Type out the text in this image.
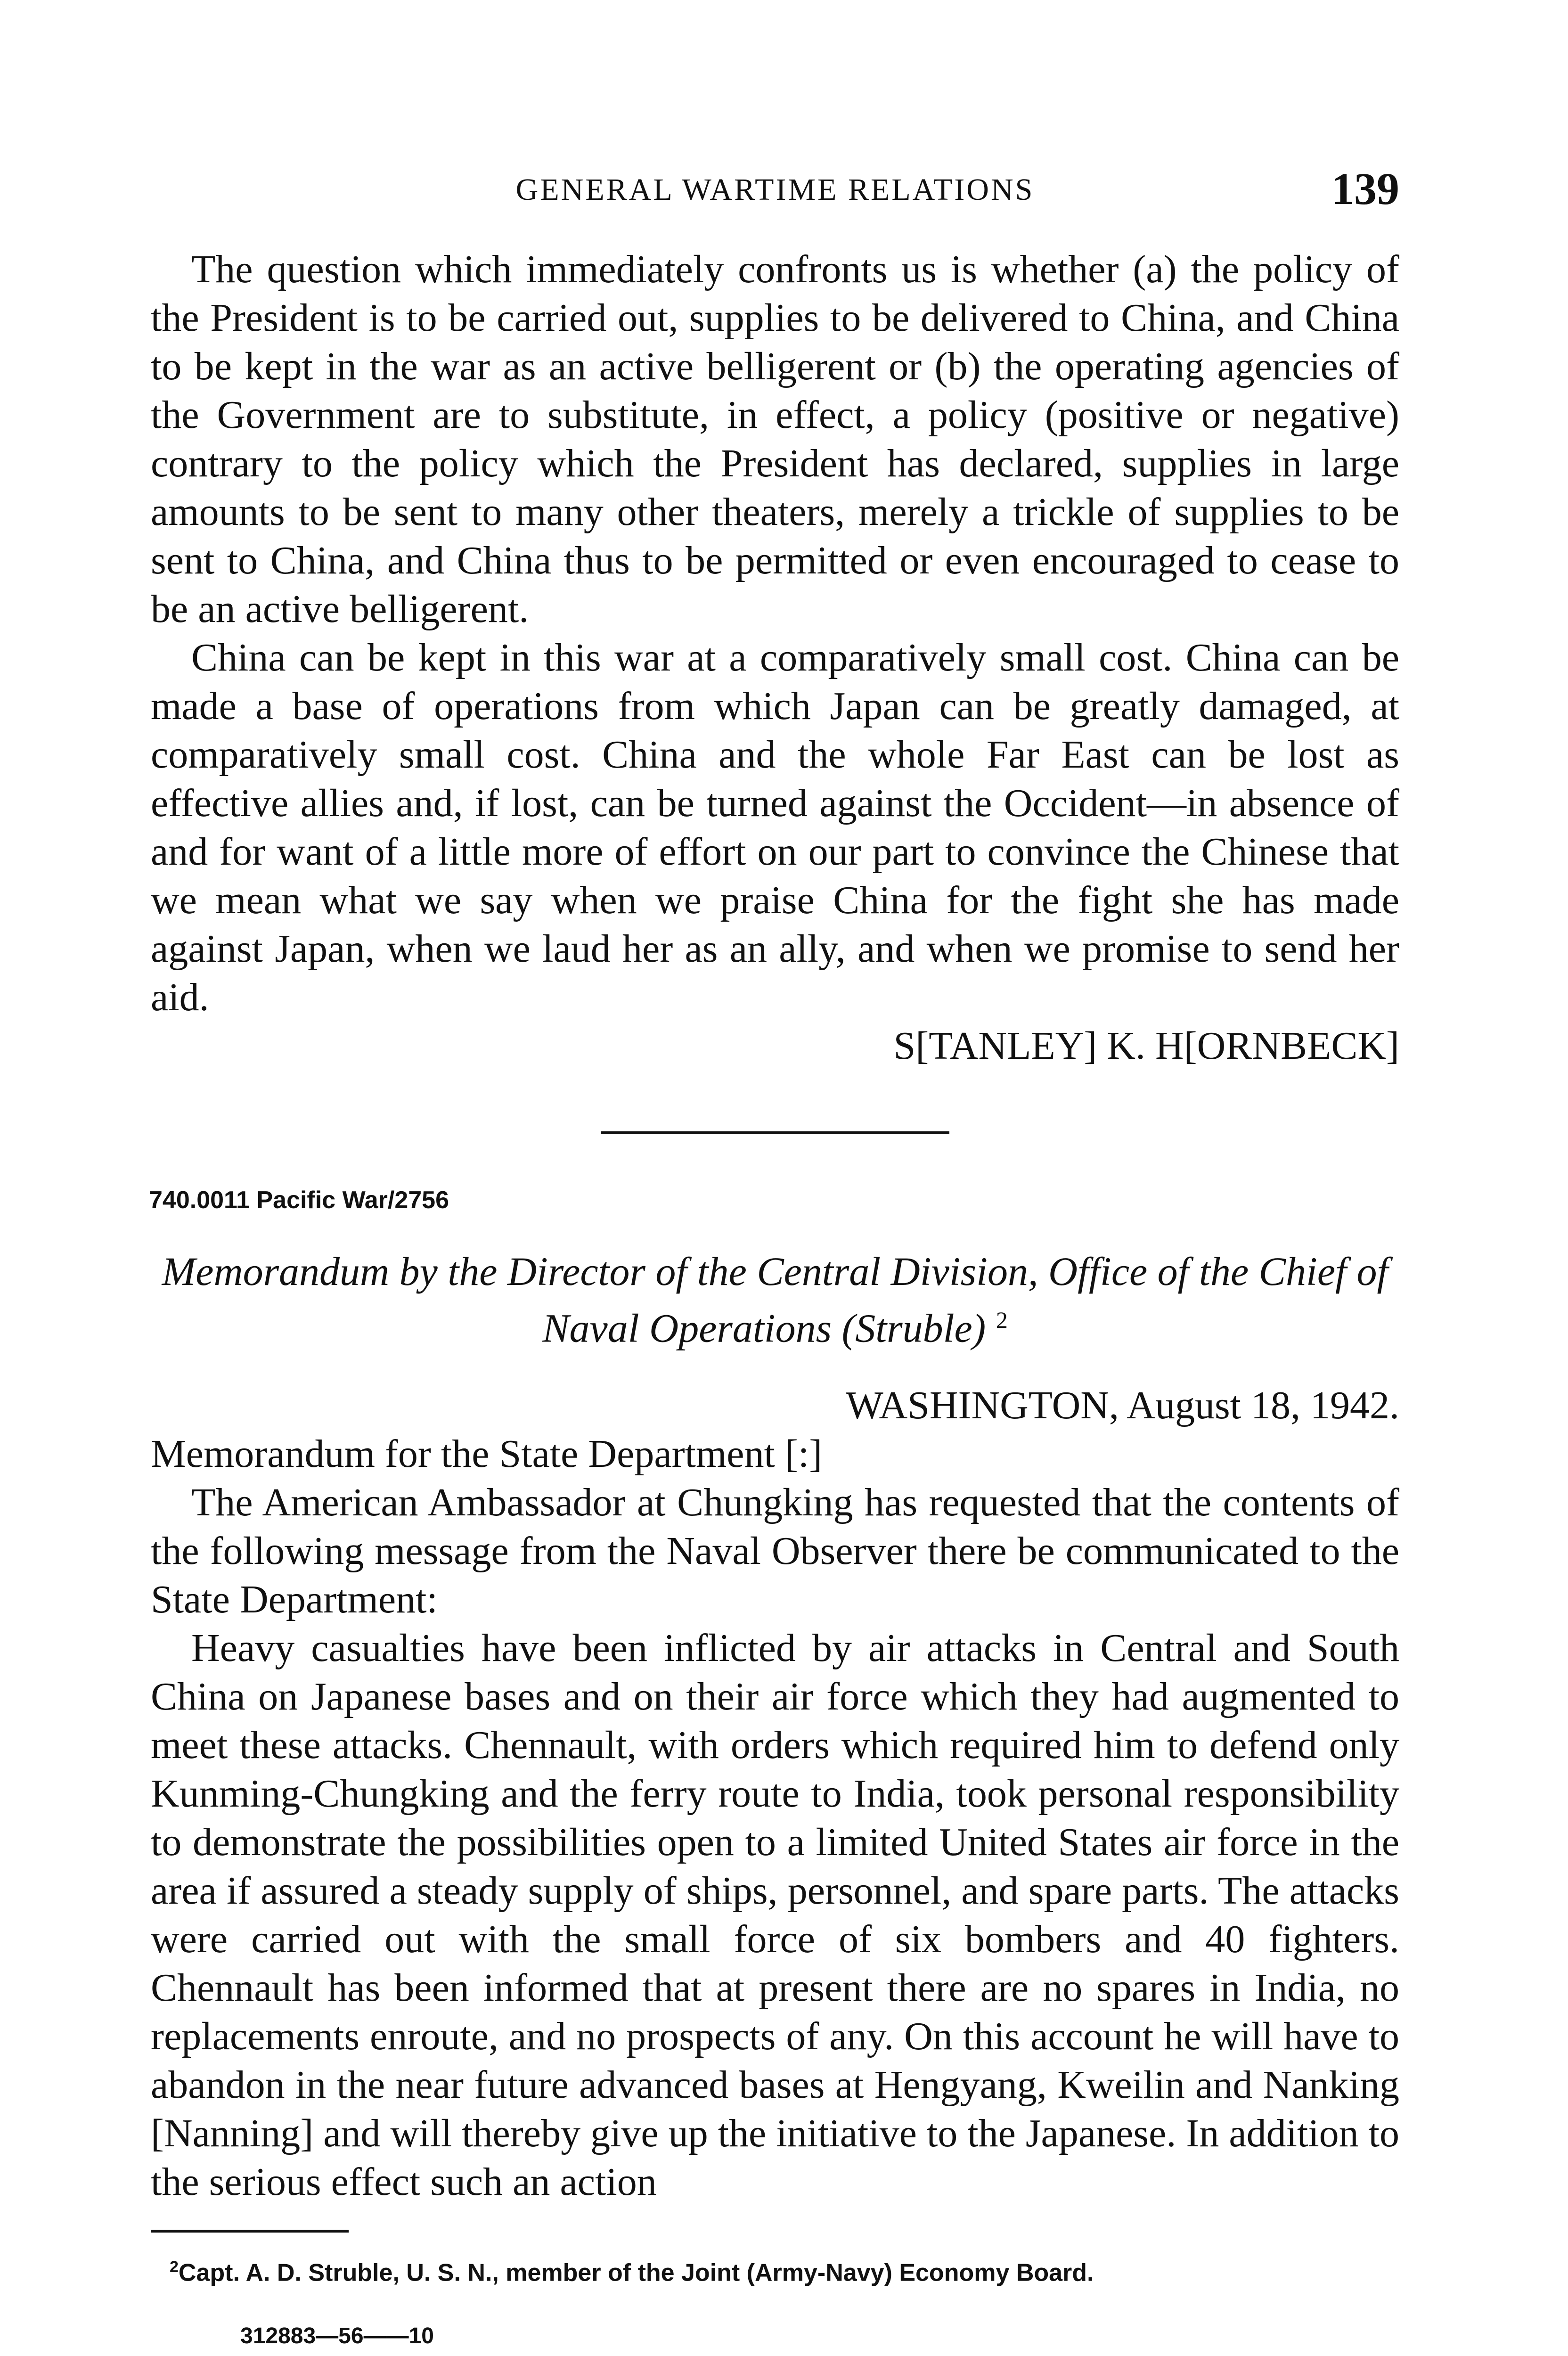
GENERAL WARTIME RELATIONS	139

The question which immediately confronts us is whether (a) the policy of the President is to be carried out, supplies to be delivered to China, and China to be kept in the war as an active belligerent or (b) the operating agencies of the Government are to substitute, in effect, a policy (positive or negative) contrary to the policy which the President has declared, supplies in large amounts to be sent to many other theaters, merely a trickle of supplies to be sent to China, and China thus to be permitted or even encouraged to cease to be an active belligerent.

China can be kept in this war at a comparatively small cost. China can be made a base of operations from which Japan can be greatly damaged, at comparatively small cost. China and the whole Far East can be lost as effective allies and, if lost, can be turned against the Occident—in absence of and for want of a little more of effort on our part to convince the Chinese that we mean what we say when we praise China for the fight she has made against Japan, when we laud her as an ally, and when we promise to send her aid.

S[TANLEY] K. H[ORNBECK]

740.0011 Pacific War/2756
Memorandum by the Director of the Central Division, Office of the Chief of Naval Operations (Struble) $^2$

WASHINGTON, August 18, 1942.

Memorandum for the State Department [:]

The American Ambassador at Chungking has requested that the contents of the following message from the Naval Observer there be communicated to the State Department:

Heavy casualties have been inflicted by air attacks in Central and South China on Japanese bases and on their air force which they had augmented to meet these attacks. Chennault, with orders which required him to defend only Kunming-Chungking and the ferry route to India, took personal responsibility to demonstrate the possibilities open to a limited United States air force in the area if assured a steady supply of ships, personnel, and spare parts. The attacks were carried out with the small force of six bombers and 40 fighters. Chennault has been informed that at present there are no spares in India, no replacements enroute, and no prospects of any. On this account he will have to abandon in the near future advanced bases at Hengyang, Kweilin and Nanking [Nanning] and will thereby give up the initiative to the Japanese. In addition to the serious effect such an action

$^2$Capt. A. D. Struble, U. S. N., member of the Joint (Army-Navy) Economy Board.
312883—56——10
